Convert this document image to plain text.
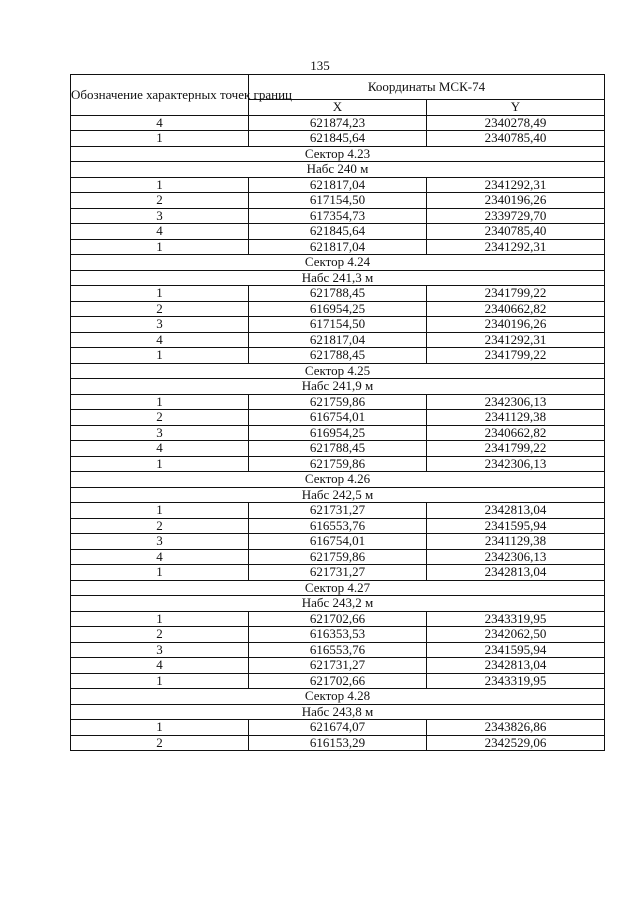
135
Обозначение характерных точек границ	Координаты МСК-74	
	X	Y
4	621874,23	2340278,49
1	621845,64	2340785,40
Сектор 4.23		
Набс 240 м		
1	621817,04	2341292,31
2	617154,50	2340196,26
3	617354,73	2339729,70
4	621845,64	2340785,40
1	621817,04	2341292,31
Сектор 4.24		
Набс 241,3 м		
1	621788,45	2341799,22
2	616954,25	2340662,82
3	617154,50	2340196,26
4	621817,04	2341292,31
1	621788,45	2341799,22
Сектор 4.25		
Набс 241,9 м		
1	621759,86	2342306,13
2	616754,01	2341129,38
3	616954,25	2340662,82
4	621788,45	2341799,22
1	621759,86	2342306,13
Сектор 4.26		
Набс 242,5 м		
1	621731,27	2342813,04
2	616553,76	2341595,94
3	616754,01	2341129,38
4	621759,86	2342306,13
1	621731,27	2342813,04
Сектор 4.27		
Набс 243,2 м		
1	621702,66	2343319,95
2	616353,53	2342062,50
3	616553,76	2341595,94
4	621731,27	2342813,04
1	621702,66	2343319,95
Сектор 4.28		
Набс 243,8 м		
1	621674,07	2343826,86
2	616153,29	2342529,06
